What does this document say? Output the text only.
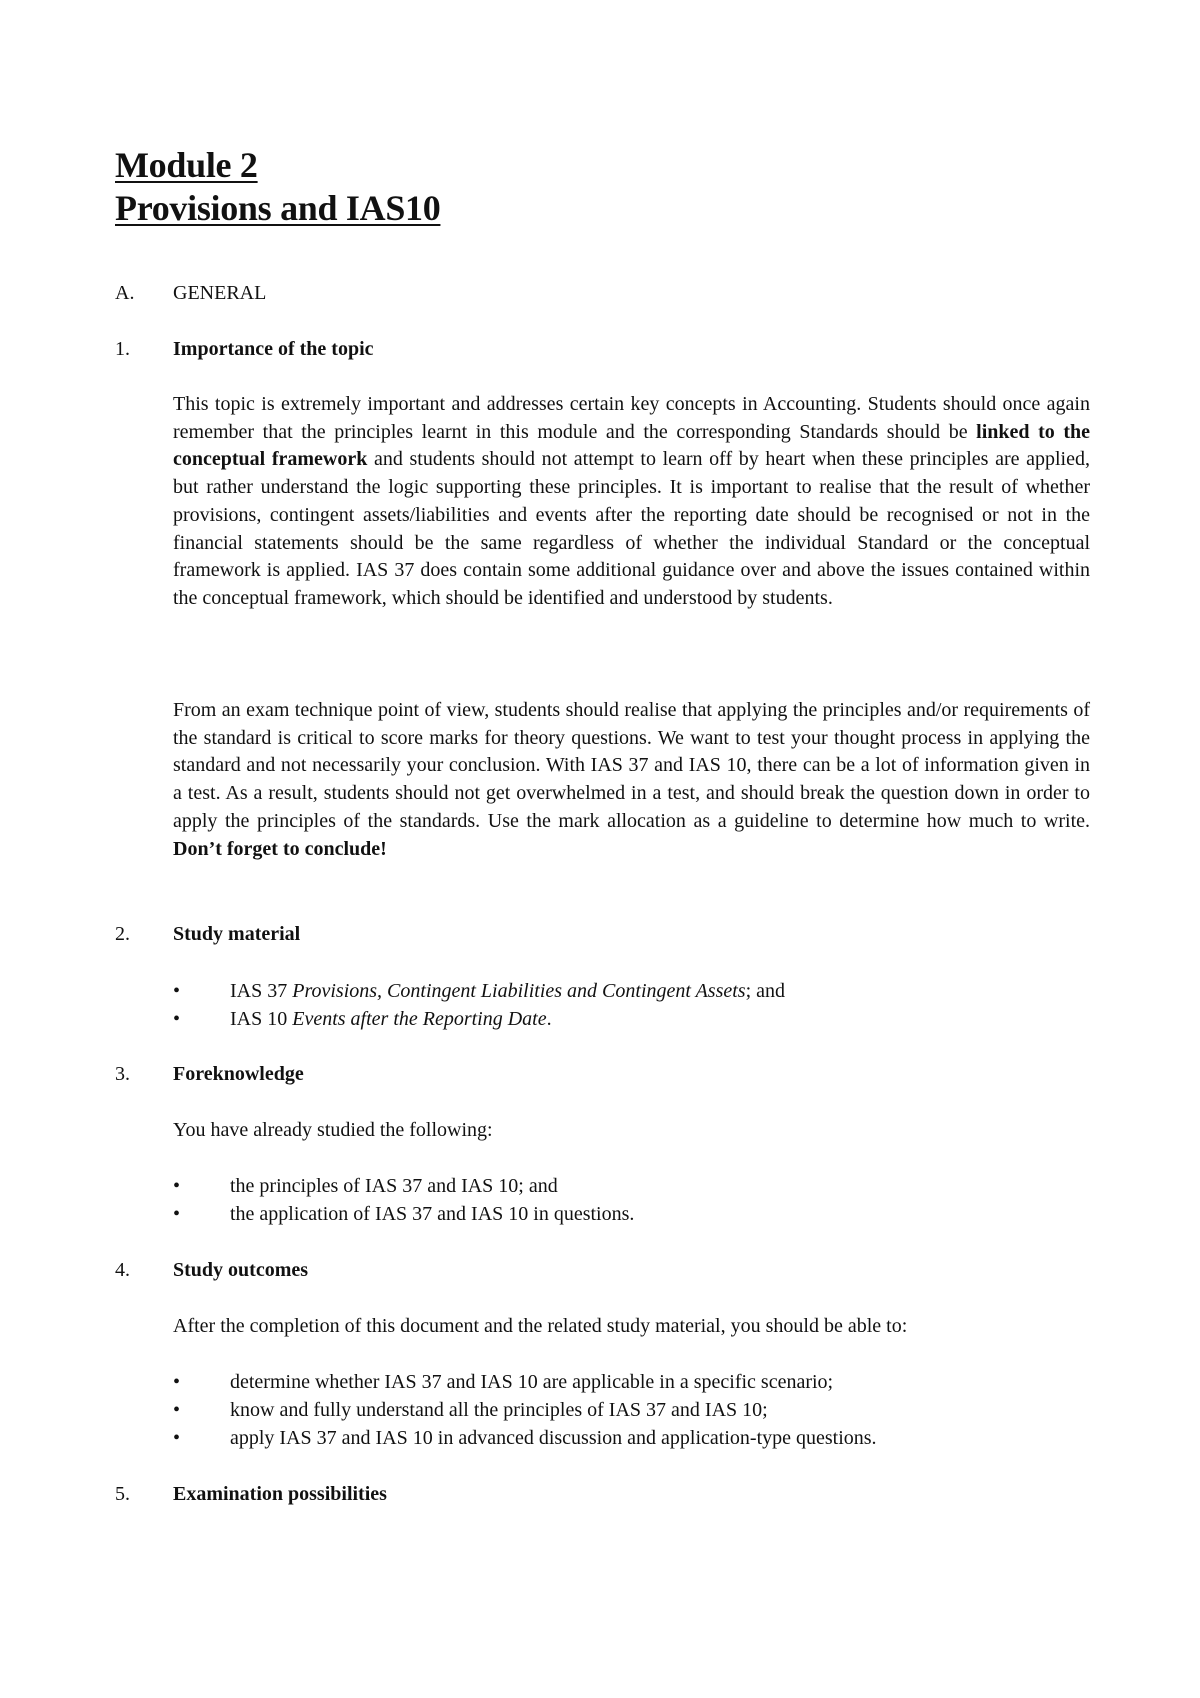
Module 2
Provisions and IAS10
A.	GENERAL
1.	Importance of the topic

This topic is extremely important and addresses certain key concepts in Accounting. Students should once again remember that the principles learnt in this module and the corresponding Standards should be linked to the conceptual framework and students should not attempt to learn off by heart when these principles are applied, but rather understand the logic supporting these principles. It is important to realise that the result of whether provisions, contingent assets/liabilities and events after the reporting date should be recognised or not in the financial statements should be the same regardless of whether the individual Standard or the conceptual framework is applied. IAS 37 does contain some additional guidance over and above the issues contained within the conceptual framework, which should be identified and understood by students.

From an exam technique point of view, students should realise that applying the principles and/or requirements of the standard is critical to score marks for theory questions. We want to test your thought process in applying the standard and not necessarily your conclusion. With IAS 37 and IAS 10, there can be a lot of information given in a test. As a result, students should not get overwhelmed in a test, and should break the question down in order to apply the principles of the standards. Use the mark allocation as a guideline to determine how much to write. Don’t forget to conclude!

2.	Study material
• IAS 37 Provisions, Contingent Liabilities and Contingent Assets; and
• IAS 10 Events after the Reporting Date.
3.	Foreknowledge

You have already studied the following:

• the principles of IAS 37 and IAS 10; and
• the application of IAS 37 and IAS 10 in questions.
4.	Study outcomes

After the completion of this document and the related study material, you should be able to:

• determine whether IAS 37 and IAS 10 are applicable in a specific scenario;
• know and fully understand all the principles of IAS 37 and IAS 10;
• apply IAS 37 and IAS 10 in advanced discussion and application-type questions.
5.	Examination possibilities
